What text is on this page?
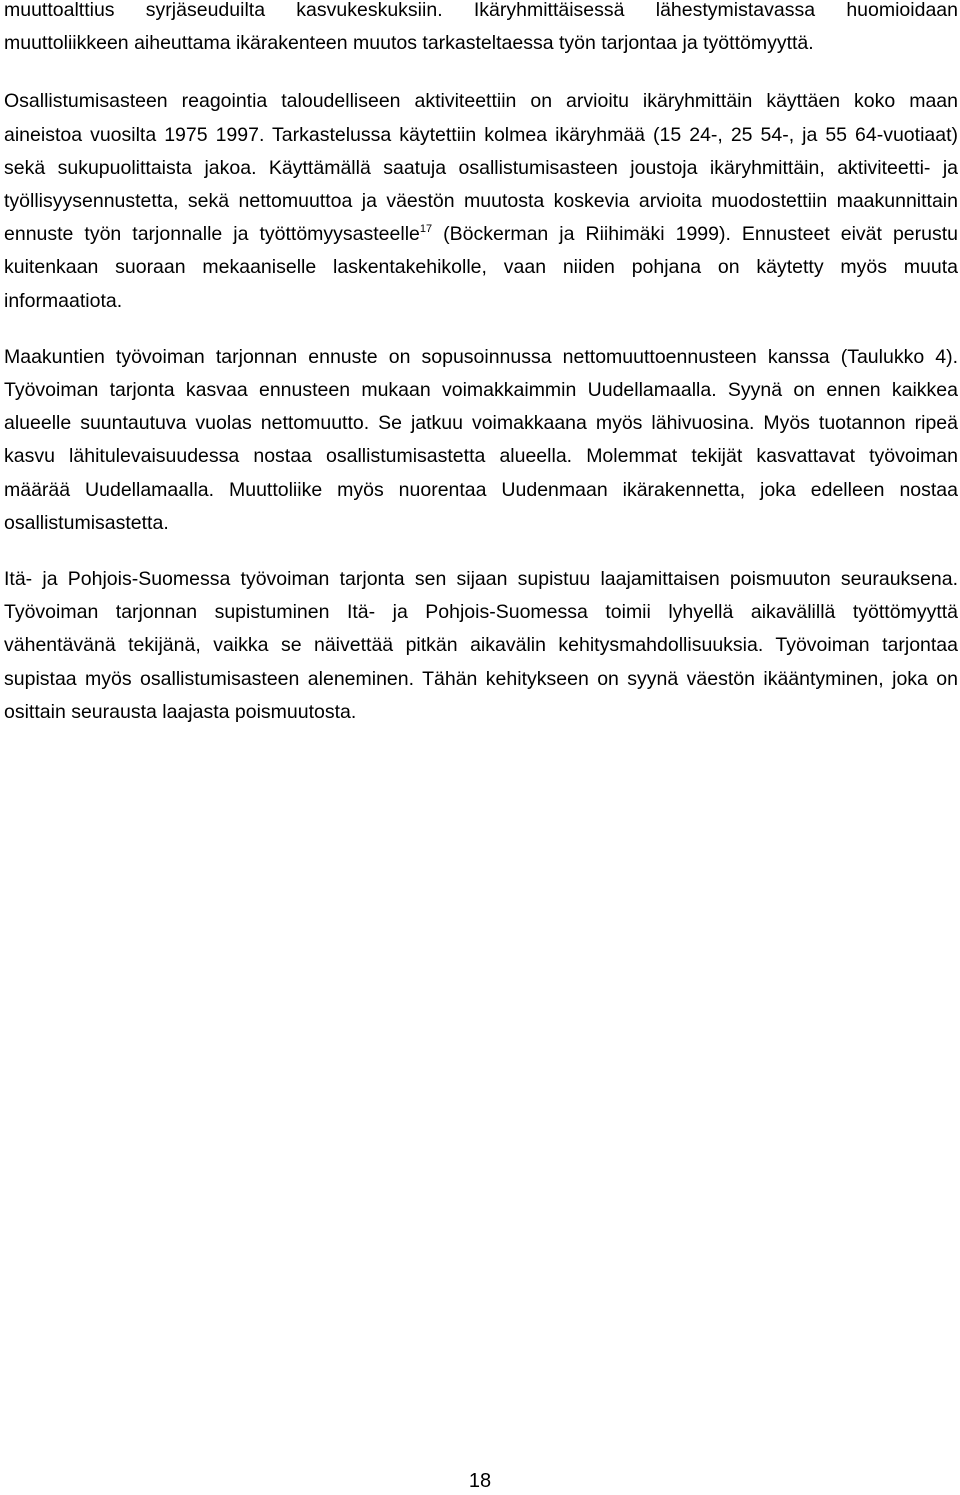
muuttoalttius syrjäseuduilta kasvukeskuksiin. Ikäryhmittäisessä lähestymistavassa huomioidaan muuttoliikkeen aiheuttama ikärakenteen muutos tarkasteltaessa työn tarjontaa ja työttömyyttä.

Osallistumisasteen reagointia taloudelliseen aktiviteettiin on arvioitu ikäryhmittäin käyttäen koko maan aineistoa vuosilta 1975 1997. Tarkastelussa käytettiin kolmea ikäryhmää (15 24-, 25 54-, ja 55 64-vuotiaat) sekä sukupuolittaista jakoa. Käyttämällä saatuja osallistumisasteen joustoja ikäryhmittäin, aktiviteetti- ja työllisyysennustetta, sekä nettomuuttoa ja väestön muutosta koskevia arvioita muodostettiin maakunnittain ennuste työn tarjonnalle ja työttömyysasteelle$^{17}$ (Böckerman ja Riihimäki 1999). Ennusteet eivät perustu kuitenkaan suoraan mekaaniselle laskentakehikolle, vaan niiden pohjana on käytetty myös muuta informaatiota.

Maakuntien työvoiman tarjonnan ennuste on sopusoinnussa nettomuuttoennusteen kanssa (Taulukko 4). Työvoiman tarjonta kasvaa ennusteen mukaan voimakkaimmin Uudellamaalla. Syynä on ennen kaikkea alueelle suuntautuva vuolas nettomuutto. Se jatkuu voimakkaana myös lähivuosina. Myös tuotannon ripeä kasvu lähitulevaisuudessa nostaa osallistumisastetta alueella. Molemmat tekijät kasvattavat työvoiman määrää Uudellamaalla. Muuttoliike myös nuorentaa Uudenmaan ikärakennetta, joka edelleen nostaa osallistumisastetta.

Itä- ja Pohjois-Suomessa työvoiman tarjonta sen sijaan supistuu laajamittaisen poismuuton seurauksena. Työvoiman tarjonnan supistuminen Itä- ja Pohjois-Suomessa toimii lyhyellä aikavälillä työttömyyttä vähentävänä tekijänä, vaikka se näivettää pitkän aikavälin kehitysmahdollisuuksia. Työvoiman tarjontaa supistaa myös osallistumisasteen aleneminen. Tähän kehitykseen on syynä väestön ikääntyminen, joka on osittain seurausta laajasta poismuutosta.

18
